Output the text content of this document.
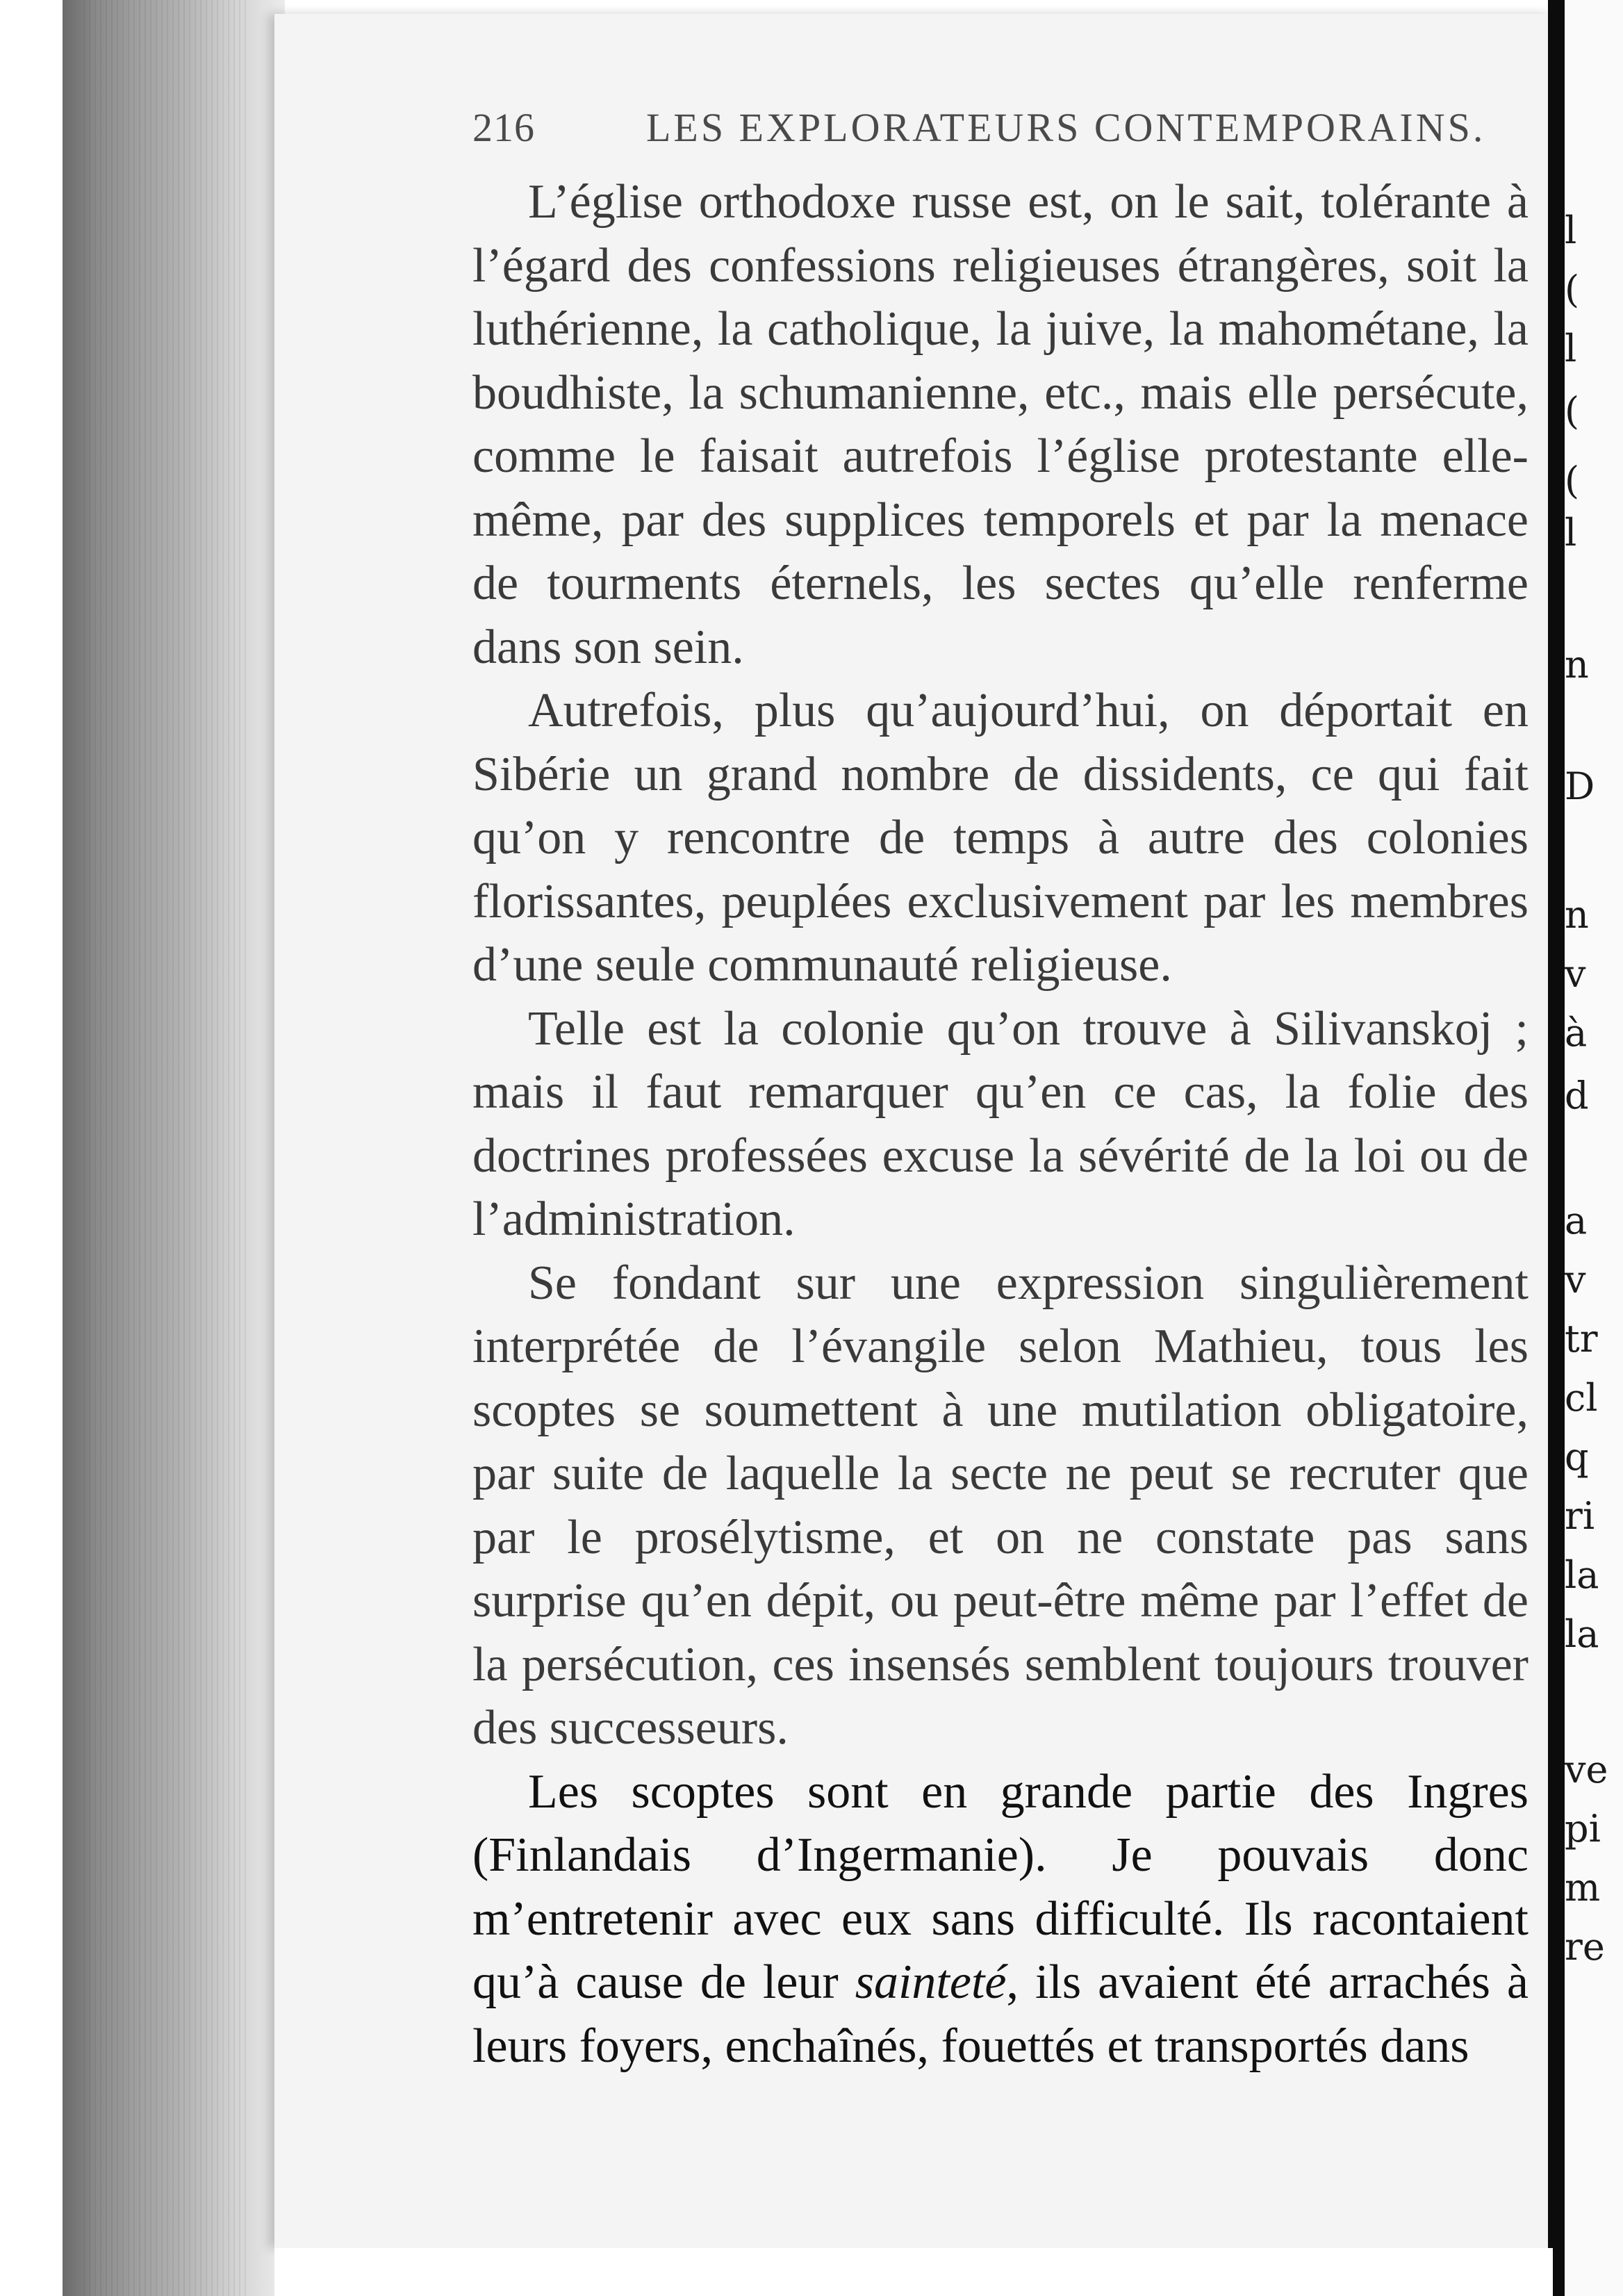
216	LES EXPLORATEURS CONTEMPORAINS.

L’église orthodoxe russe est, on le sait, tolérante à l’égard des confessions religieuses étrangères, soit la luthérienne, la catholique, la juive, la mahométane, la boudhiste, la schumanienne, etc., mais elle persécute, comme le faisait autrefois l’église protestante elle-même, par des supplices temporels et par la menace de tourments éternels, les sectes qu’elle renferme dans son sein.

Autrefois, plus qu’aujourd’hui, on déportait en Sibérie un grand nombre de dissidents, ce qui fait qu’on y rencontre de temps à autre des colonies florissantes, peuplées exclusivement par les membres d’une seule communauté religieuse.

Telle est la colonie qu’on trouve à Silivanskoj ; mais il faut remarquer qu’en ce cas, la folie des doctrines professées excuse la sévérité de la loi ou de l’administration.

Se fondant sur une expression singulièrement interprétée de l’évangile selon Mathieu, tous les scoptes se soumettent à une mutilation obligatoire, par suite de laquelle la secte ne peut se recruter que par le prosélytisme, et on ne constate pas sans surprise qu’en dépit, ou peut-être même par l’effet de la persécution, ces insensés semblent toujours trouver des successeurs.

Les scoptes sont en grande partie des Ingres (Finlandais d’Ingermanie). Je pouvais donc m’entretenir avec eux sans difficulté. Ils racontaient qu’à cause de leur sainteté, ils avaient été arrachés à leurs foyers, enchaînés, fouettés et transportés dans

l
(
l
(
(
l
n
D
n
v
à
d
a
v
tr
cl
q
ri
la
la
ve
pi
m
re
